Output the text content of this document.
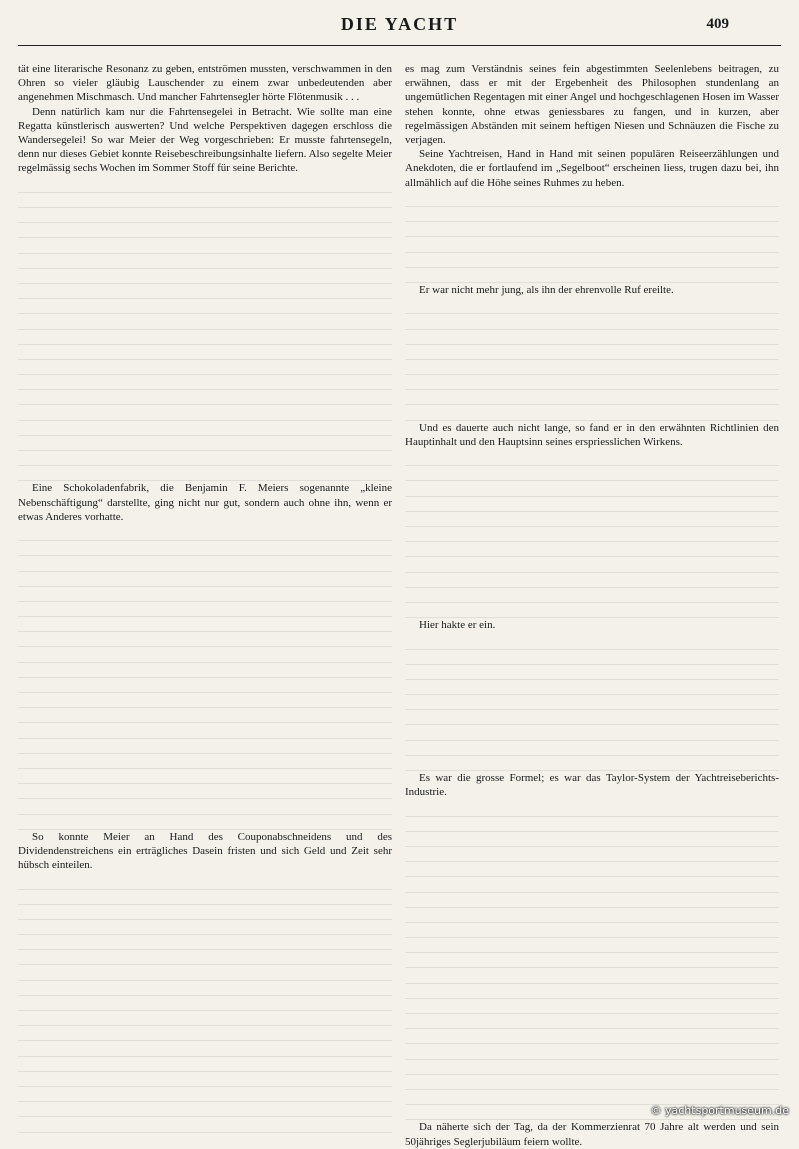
DIE YACHT	409

tät eine literarische Resonanz zu geben, entströmen mussten, verschwammen in den Ohren so vieler gläubig Lauschender zu einem zwar unbedeutenden aber angenehmen Mischmasch. Und mancher Fahrtensegler hörte Flötenmusik . . .

Denn natürlich kam nur die Fahrtensegelei in Betracht. Wie sollte man eine Regatta künstlerisch auswerten? Und welche Perspektiven dagegen erschloss die Wandersegelei! So war Meier der Weg vorgeschrieben: Er musste fahrtensegeln, denn nur dieses Gebiet konnte Reisebeschreibungsinhalte liefern. Also segelte Meier regelmässig sechs Wochen im Sommer Stoff für seine Berichte.

Eine Schokoladenfabrik, die Benjamin F. Meiers sogenannte „kleine Nebenschäftigung“ darstellte, ging nicht nur gut, sondern auch ohne ihn, wenn er etwas Anderes vorhatte.

So konnte Meier an Hand des Couponabschneidens und des Dividendenstreichens ein erträgliches Dasein fristen und sich Geld und Zeit sehr hübsch einteilen.

es mag zum Verständnis seines fein abgestimmten Seelenlebens beitragen, zu erwähnen, dass er mit der Ergebenheit des Philosophen stundenlang an ungemütlichen Regentagen mit einer Angel und hochgeschlagenen Hosen im Wasser stehen konnte, ohne etwas geniessbares zu fangen, und in kurzen, aber regelmässigen Abständen mit seinem heftigen Niesen und Schnäuzen die Fische zu verjagen.

Seine Yachtreisen, Hand in Hand mit seinen populären Reiseerzählungen und Anekdoten, die er fortlaufend im „Segelboot“ erscheinen liess, trugen dazu bei, ihn allmählich auf die Höhe seines Ruhmes zu heben.

Er war nicht mehr jung, als ihn der ehrenvolle Ruf ereilte.

Und es dauerte auch nicht lange, so fand er in den erwähnten Richtlinien den Hauptinhalt und den Hauptsinn seines erspriesslichen Wirkens.

Hier hakte er ein.

Es war die grosse Formel; es war das Taylor-System der Yachtreiseberichts-Industrie.

Da näherte sich der Tag, da der Kommerzienrat 70 Jahre alt werden und sein 50jähriges Seglerjubiläum feiern wollte.

© yachtsportmuseum.de
